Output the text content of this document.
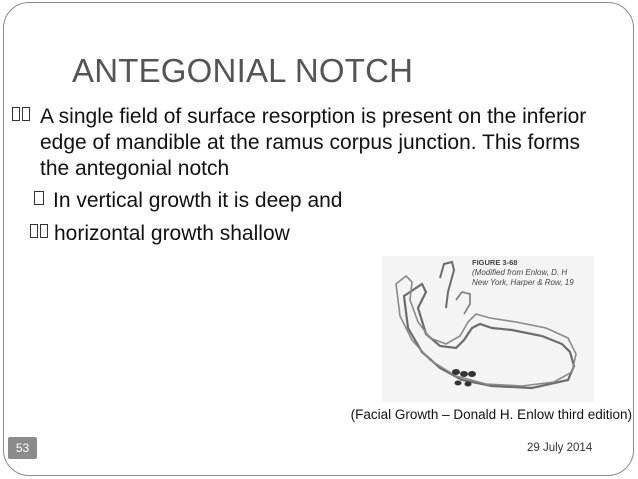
ANTEGONIAL NOTCH
A single field of surface resorption is present on the inferior edge of mandible at the ramus corpus junction. This forms the antegonial notch
In vertical growth it is deep and
horizontal growth shallow
FIGURE 3-68
(Modified from Enlow, D. H
New York, Harper & Row, 19
(Facial Growth – Donald H. Enlow third edition)
53	29 July 2014
